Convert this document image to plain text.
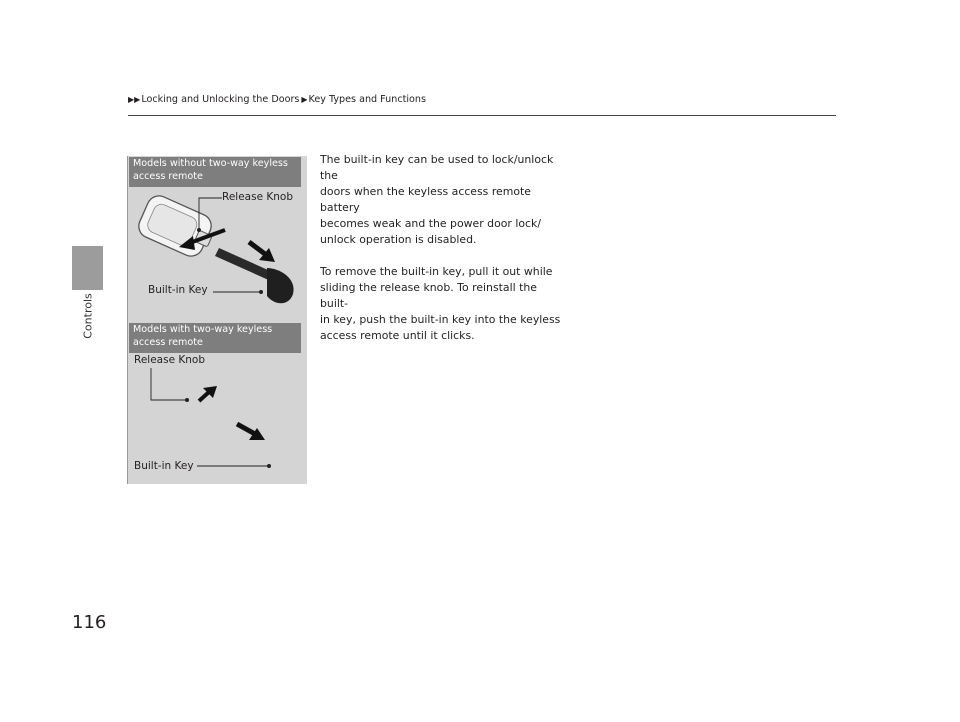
▶▶ Locking and Unlocking the Doors ▶ Key Types and Functions
Controls
116
Models without two-way keyless access remote
Models with two-way keyless access remote
Release Knob
Built-in Key
Release Knob
Built-in Key

The built-in key can be used to lock/unlock the
doors when the keyless access remote battery
becomes weak and the power door lock/
unlock operation is disabled.

To remove the built-in key, pull it out while
sliding the release knob. To reinstall the built-
in key, push the built-in key into the keyless
access remote until it clicks.
